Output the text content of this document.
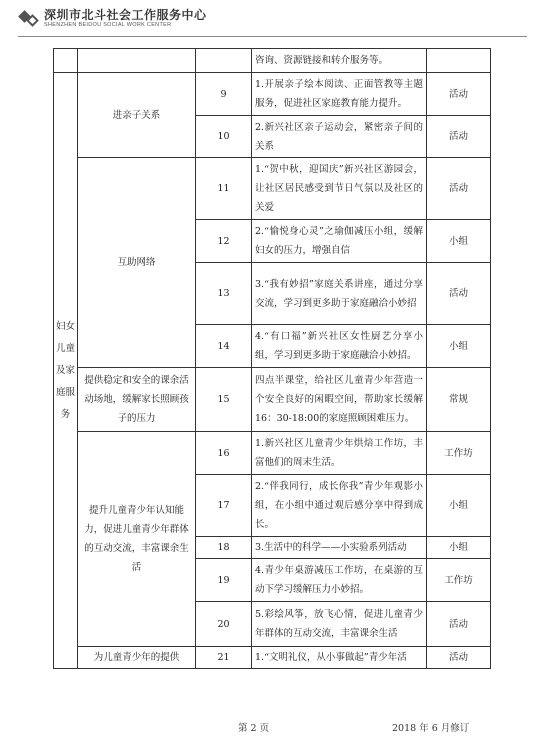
深圳市北斗社会工作服务中心
SHENZHEN BEIDOU SOCIAL WORK CENTER
			咨询、资源链接和转介服务等。	

妇女
儿童
及家
庭服
务	进亲子关系	9	1.开展亲子绘本阅读、正面管教等主题服务，促进社区家庭教育能力提升。	活动
		10	2.新兴社区亲子运动会，紧密亲子间的关系	活动
	互助网络	11	1.“贺中秋，迎国庆”新兴社区游园会，让社区居民感受到节日气氛以及社区的关爱	活动
		12	2.“愉悦身心灵”之瑜伽减压小组，缓解妇女的压力，增强自信	小组
		13	3.“我有妙招”家庭关系讲座，通过分享交流，学习到更多助于家庭融洽小妙招	活动
		14	4.“有口福”新兴社区女性厨艺分享小组，学习到更多助于家庭融洽小妙招。	小组
	提供稳定和安全的课余活动场地，缓解家长照顾孩子的压力	15	四点半课堂，给社区儿童青少年营造一个安全良好的闲暇空间，帮助家长缓解16：30-18:00的家庭照顾困难压力。	常规
	提升儿童青少年认知能力，促进儿童青少年群体的互动交流，丰富课余生活	16	1.新兴社区儿童青少年烘焙工作坊，丰富他们的周末生活。	工作坊
		17	2.“伴我同行，成长你我”青少年观影小组，在小组中通过观后感分享中得到成长。	小组
		18	3.生活中的科学——小实验系列活动	小组
		19	4.青少年桌游减压工作坊，在桌游的互动下学习缓解压力小妙招。	工作坊
		20	5.彩绘风筝，放飞心情，促进儿童青少年群体的互动交流，丰富课余生活	活动
	为儿童青少年的提供	21	1.“文明礼仪，从小事做起”青少年活	活动
第 2 页	2018 年 6 月修订
